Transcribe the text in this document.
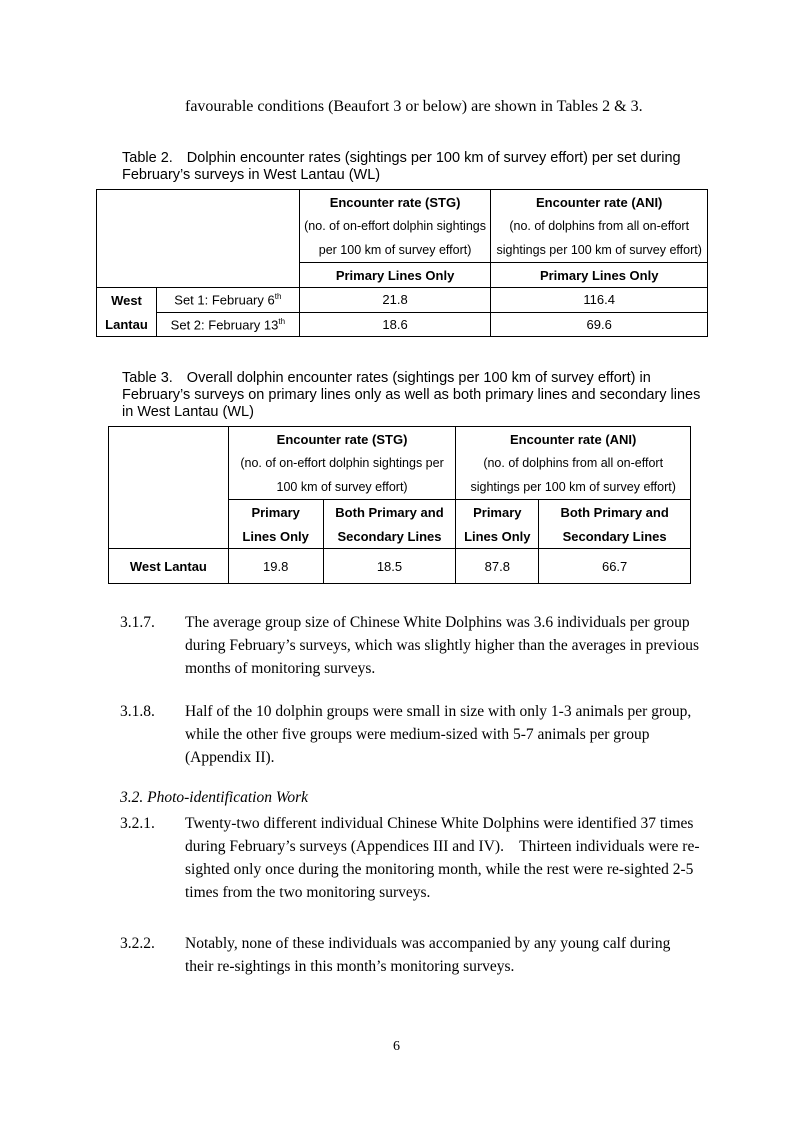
favourable conditions (Beaufort 3 or below) are shown in Tables 2 & 3.
Table 2. Dolphin encounter rates (sightings per 100 km of survey effort) per set during February’s surveys in West Lantau (WL)
		Encounter rate (STG)	Encounter rate (ANI)
		(no. of on-effort dolphin sightings	(no. of dolphins from all on-effort
		per 100 km of survey effort)	sightings per 100 km of survey effort)
		Primary Lines Only	Primary Lines Only
West	Set 1: February 6th	21.8	116.4
Lantau	Set 2: February 13th	18.6	69.6
Table 3. Overall dolphin encounter rates (sightings per 100 km of survey effort) in February’s surveys on primary lines only as well as both primary lines and secondary lines in West Lantau (WL)
	Encounter rate (STG)		Encounter rate (ANI)	
	(no. of on-effort dolphin sightings per		(no. of dolphins from all on-effort	
	100 km of survey effort)		sightings per 100 km of survey effort)	
	Primary	Both Primary and	Primary	Both Primary and
	Lines Only	Secondary Lines	Lines Only	Secondary Lines
West Lantau	19.8	18.5	87.8	66.7
3.1.7. The average group size of Chinese White Dolphins was 3.6 individuals per group during February’s surveys, which was slightly higher than the averages in previous months of monitoring surveys.
3.1.8. Half of the 10 dolphin groups were small in size with only 1-3 animals per group, while the other five groups were medium-sized with 5-7 animals per group (Appendix II).
3.2. Photo-identification Work
3.2.1. Twenty-two different individual Chinese White Dolphins were identified 37 times during February’s surveys (Appendices III and IV).    Thirteen individuals were re-sighted only once during the monitoring month, while the rest were re-sighted 2-5 times from the two monitoring surveys.
3.2.2. Notably, none of these individuals was accompanied by any young calf during their re-sightings in this month’s monitoring surveys.
6
